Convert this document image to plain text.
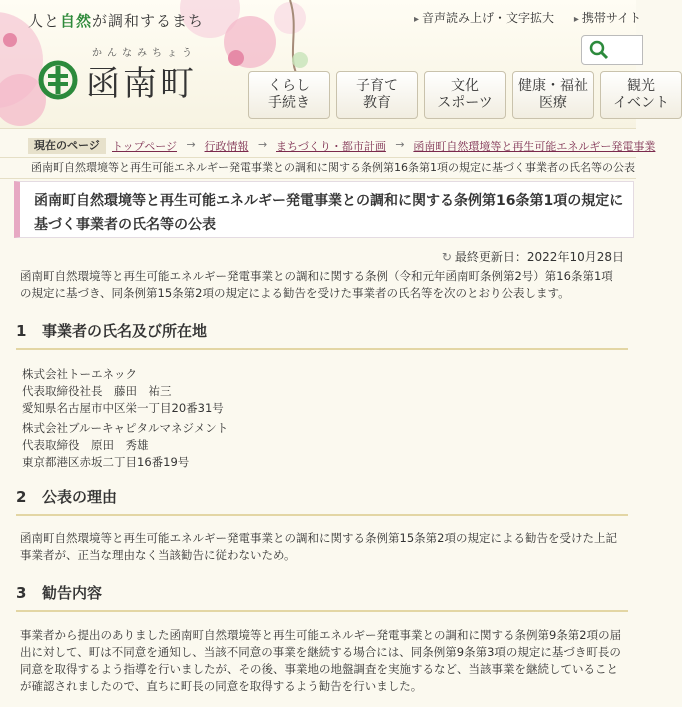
人と自然が調和するまち
かんなみちょう
函南町
▸ 音声読み上げ・文字拡大 ▸ 携帯サイト
くらし
手続き
子育て
教育
文化
スポーツ
健康・福祉
医療
観光
イベント
現在のページ	トップページ	→ 行政情報	→ まちづくり・都市計画	→ 函南町自然環境等と再生可能エネルギー発電事業
函南町自然環境等と再生可能エネルギー発電事業との調和に関する条例第16条第1項の規定に基づく事業者の氏名等の公表
函南町自然環境等と再生可能エネルギー発電事業との調和に関する条例第16条第1項の規定に基づく事業者の氏名等の公表
↻ 最終更新日：2022年10月28日
函南町自然環境等と再生可能エネルギー発電事業との調和に関する条例（令和元年函南町条例第2号）第16条第1項の規定に基づき、同条例第15条第2項の規定による勧告を受けた事業者の氏名等を次のとおり公表します。
1 事業者の氏名及び所在地
株式会社トーエネック
代表取締役社長　藤田　祐三
愛知県名古屋市中区栄一丁目20番31号
株式会社ブルーキャピタルマネジメント
代表取締役　原田　秀雄
東京都港区赤坂二丁目16番19号
2 公表の理由
函南町自然環境等と再生可能エネルギー発電事業との調和に関する条例第15条第2項の規定による勧告を受けた上記事業者が、正当な理由なく当該勧告に従わないため。
3 勧告内容
事業者から提出のありました函南町自然環境等と再生可能エネルギー発電事業との調和に関する条例第9条第2項の届出に対して、町は不同意を通知し、当該不同意の事業を継続する場合には、同条例第9条第3項の規定に基づき町長の同意を取得するよう指導を行いましたが、その後、事業地の地盤調査を実施するなど、当該事業を継続していることが確認されましたので、直ちに町長の同意を取得するよう勧告を行いました。
